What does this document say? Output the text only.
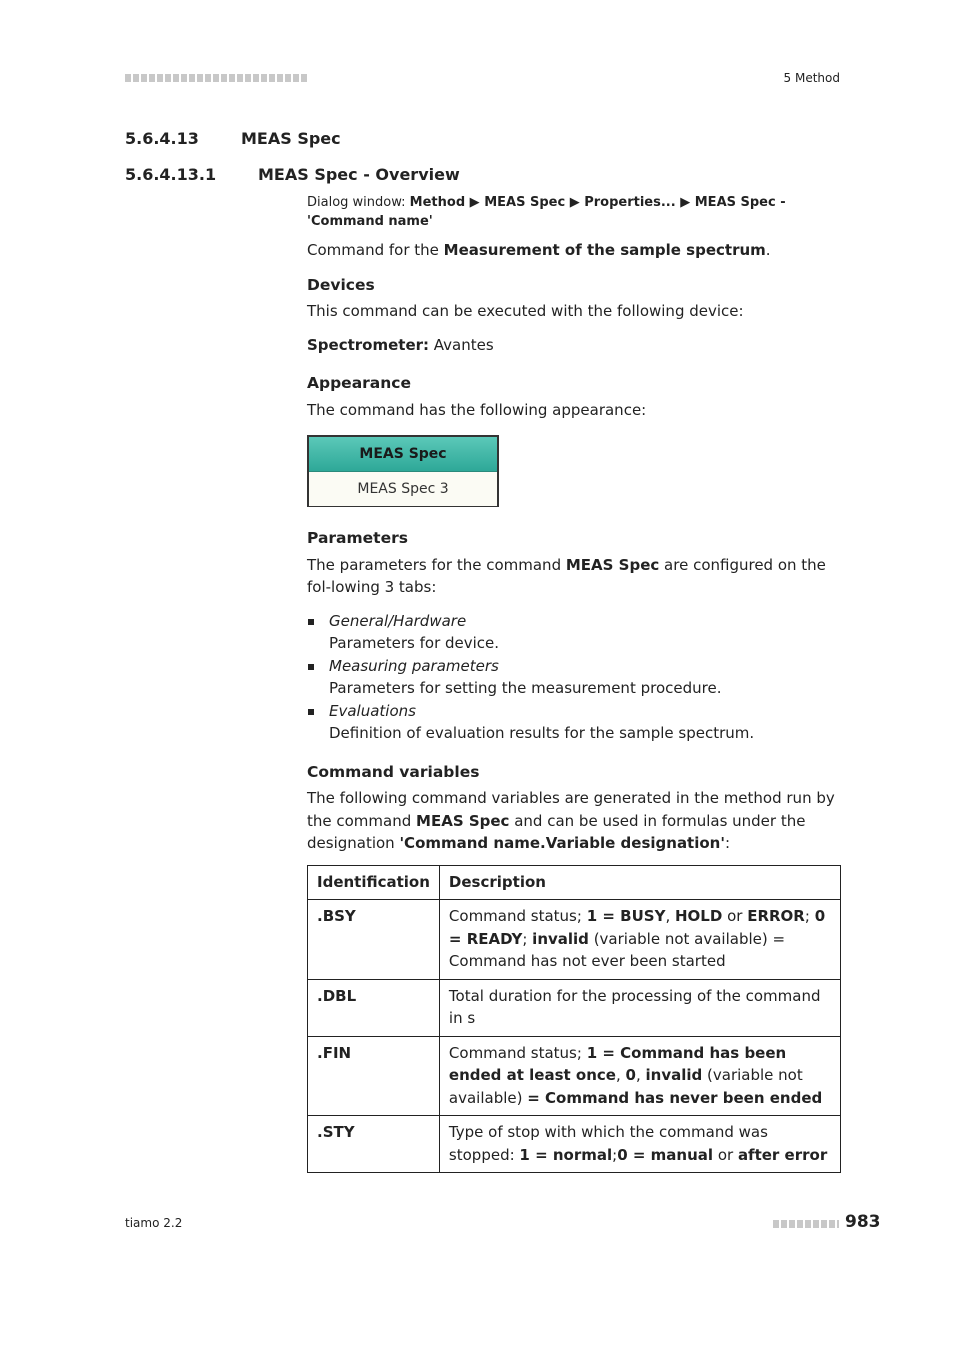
5 Method
5.6.4.13	MEAS Spec
5.6.4.13.1	MEAS Spec - Overview
Dialog window: Method ▶ MEAS Spec ▶ Properties... ▶ MEAS Spec - 'Command name'

Command for the Measurement of the sample spectrum.

Devices

This command can be executed with the following device:

Spectrometer: Avantes

Appearance

The command has the following appearance:

MEAS Spec
MEAS Spec 3
Parameters

The parameters for the command MEAS Spec are configured on the fol-lowing 3 tabs:

General/Hardware
Parameters for device.
Measuring parameters
Parameters for setting the measurement procedure.
Evaluations
Definition of evaluation results for the sample spectrum.
Command variables

The following command variables are generated in the method run by the command MEAS Spec and can be used in formulas under the designation 'Command name.Variable designation':

Identification	Description
.BSY	Command status; 1 = BUSY, HOLD or ERROR; 0 = READY; invalid (variable not available) = Command has not ever been started
.DBL	Total duration for the processing of the command in s
.FIN	Command status; 1 = Command has been ended at least once, 0, invalid (variable not available) = Command has never been ended
.STY	Type of stop with which the command was stopped: 1 = normal;0 = manual or after error
tiamo 2.2	983
